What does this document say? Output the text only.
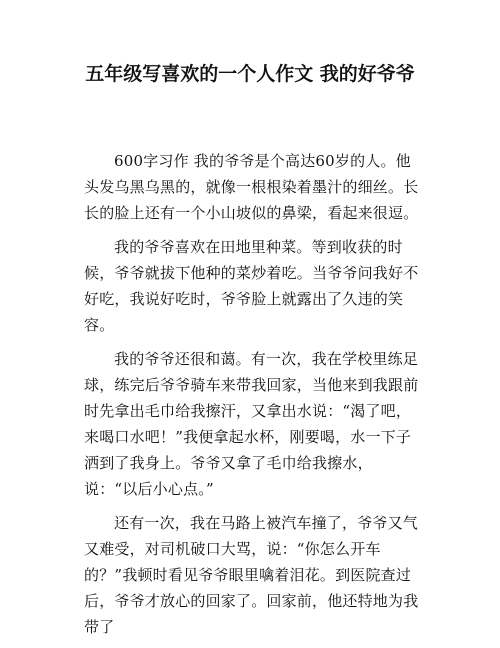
五年级写喜欢的一个人作文 我的好爷爷

600字习作 我的爷爷是个高达60岁的人。他头发乌黑乌黑的，就像一根根染着墨汁的细丝。长长的脸上还有一个小山坡似的鼻梁，看起来很逗。

我的爷爷喜欢在田地里种菜。等到收获的时候，爷爷就拔下他种的菜炒着吃。当爷爷问我好不好吃，我说好吃时，爷爷脸上就露出了久违的笑容。

我的爷爷还很和蔼。有一次，我在学校里练足球，练完后爷爷骑车来带我回家，当他来到我跟前时先拿出毛巾给我擦汗，又拿出水说：“渴了吧，来喝口水吧！”我便拿起水杯，刚要喝，水一下子洒到了我身上。爷爷又拿了毛巾给我擦水，说：“以后小心点。”

还有一次，我在马路上被汽车撞了，爷爷又气又难受，对司机破口大骂，说：“你怎么开车的？”我顿时看见爷爷眼里噙着泪花。到医院查过后，爷爷才放心的回家了。回家前，他还特地为我带了
